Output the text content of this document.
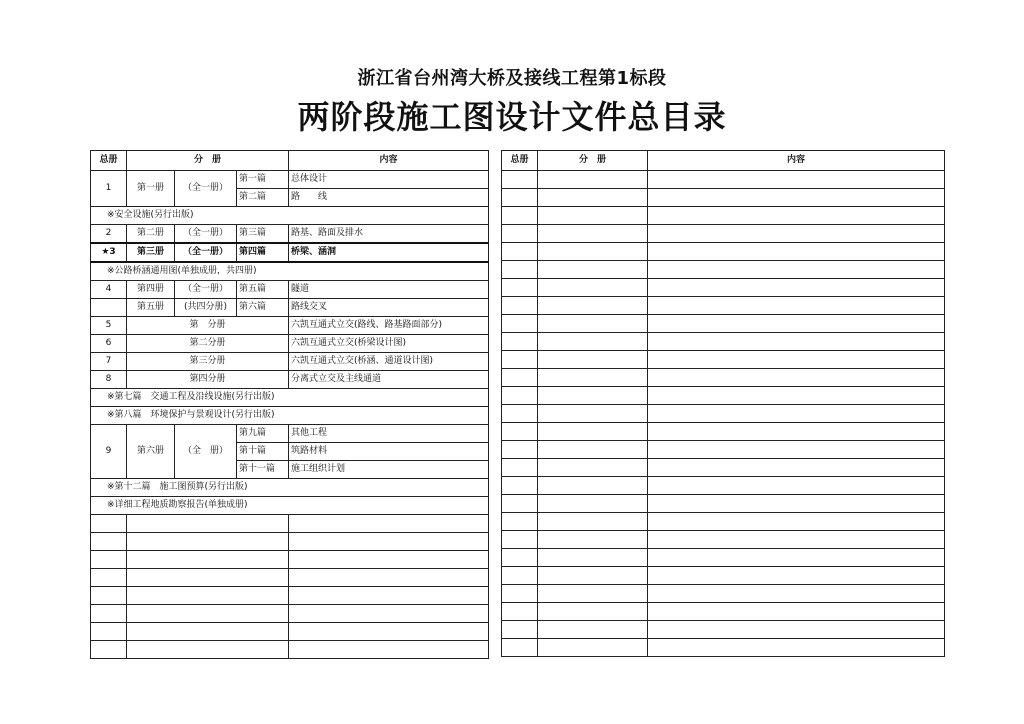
浙江省台州湾大桥及接线工程第1标段
两阶段施工图设计文件总目录
总册	分　册			内容
1	第一册	（全一册）	第一篇	总体设计
			第二篇	路　　线
※安全设施(另行出版)				
2	第二册	（全一册）	第三篇	路基、路面及排水
★3	第三册	（全一册）	第四篇	桥梁、涵洞
※公路桥涵通用图(单独成册，共四册)				
4	第四册	（全一册）	第五篇	隧道
	第五册	(共四分册)	第六篇	路线交叉
5	第　分册			六凯互通式立交(路线、路基路面部分)
6	第二分册			六凯互通式立交(桥梁设计图)
7	第三分册			六凯互通式立交(桥涵、通道设计图)
8	第四分册			分离式立交及主线通道
※第七篇　交通工程及沿线设施(另行出版)				
※第八篇　环境保护与景观设计(另行出版)				
9	第六册	（全　册）	第九篇	其他工程
			第十篇	筑路材料
			第十一篇	施工组织计划
※第十二篇　施工图预算(另行出版)				
※详细工程地质勘察报告(单独成册)				

总册	分　册	内容
